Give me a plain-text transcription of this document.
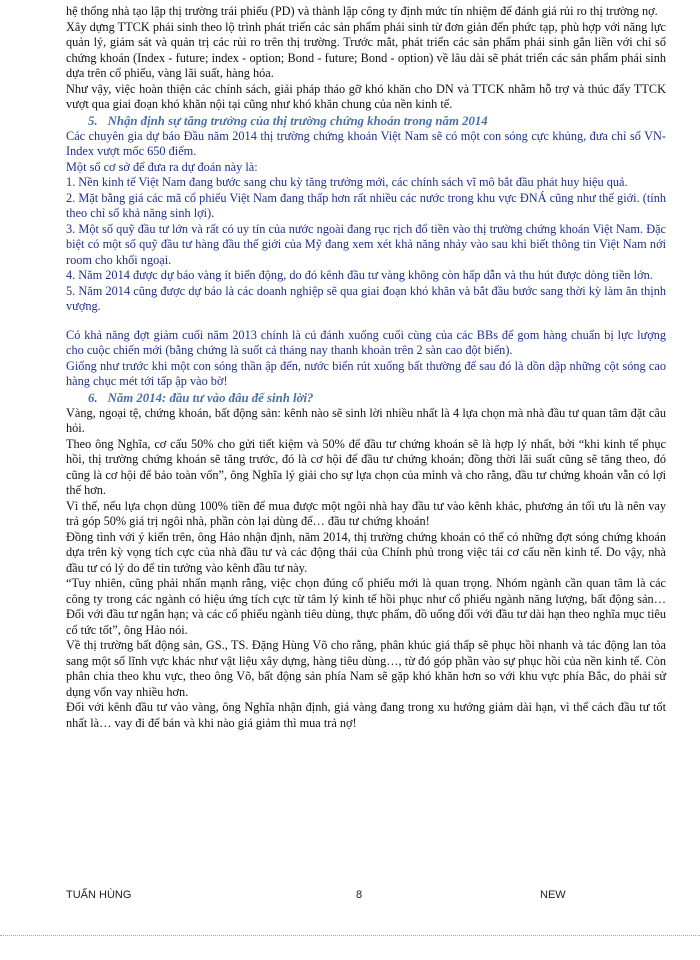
hệ thống nhà tạo lập thị trường trái phiếu (PD) và thành lập công ty định mức tín nhiệm để đánh giá rủi ro thị trường nợ.

Xây dựng TTCK phái sinh theo lộ trình phát triển các sản phẩm phái sinh từ đơn giản đến phức tạp, phù hợp với năng lực quản lý, giám sát và quản trị các rủi ro trên thị trường. Trước mắt, phát triển các sản phẩm phái sinh gắn liền với chỉ số chứng khoán (Index - future; index - option; Bond - future; Bond - option) về lâu dài sẽ phát triển các sản phẩm phái sinh dựa trên cổ phiếu, vàng lãi suất, hàng hóa.

Như vậy, việc hoàn thiện các chính sách, giải pháp tháo gỡ khó khăn cho DN và TTCK nhằm hỗ trợ và thúc đẩy TTCK vượt qua giai đoạn khó khăn nội tại cũng như khó khăn chung của nền kinh tế.

5. Nhận định sự tăng trưởng của thị trường chứng khoán trong năm 2014

Các chuyên gia dự báo Đầu năm 2014 thị trường chứng khoán Việt Nam sẽ có một con sóng cực khủng, đưa chỉ số VN-Index vượt mốc 650 điểm.

Một số cơ sở để đưa ra dự đoán này là:

1. Nền kinh tế Việt Nam đang bước sang chu kỳ tăng trưởng mới, các chính sách vĩ mô bắt đầu phát huy hiệu quả.

2. Mặt bằng giá các mã cổ phiếu Việt Nam đang thấp hơn rất nhiều các nước trong khu vực ĐNÁ cũng như thế giới. (tính theo chỉ số khả năng sinh lợi).

3. Một số quỹ đầu tư lớn và rất có uy tín của nước ngoài đang rục rịch đổ tiền vào thị trường chứng khoán Việt Nam. Đặc biệt có một số quỹ đầu tư hàng đầu thế giới của Mỹ đang xem xét khả năng nhảy vào sau khi biết thông tin Việt Nam nới room cho khối ngoại.

4. Năm 2014 được dự báo vàng ít biến động, do đó kênh đầu tư vàng không còn hấp dẫn và thu hút được dòng tiền lớn.

5. Năm 2014 cũng được dự báo là các doanh nghiệp sẽ qua giai đoạn khó khăn và bắt đầu bước sang thời kỳ làm ăn thịnh vượng.

Có khả năng đợt giảm cuối năm 2013 chính là cú đánh xuống cuối cùng của các BBs để gom hàng chuẩn bị lực lượng cho cuộc chiến mới (bằng chứng là suốt cả tháng nay thanh khoản trên 2 sàn cao đột biến).

Giống như trước khi một con sóng thần ập đến, nước biển rút xuống bất thường để sau đó là dồn dập những cột sóng cao hàng chục mét tới tấp ập vào bờ!

6. Năm 2014: đầu tư vào đâu để sinh lời?

Vàng, ngoại tệ, chứng khoán, bất động sản: kênh nào sẽ sinh lời nhiều nhất là 4 lựa chọn mà nhà đầu tư quan tâm đặt câu hỏi.

Theo ông Nghĩa, cơ cấu 50% cho gửi tiết kiệm và 50% để đầu tư chứng khoán sẽ là hợp lý nhất, bởi “khi kinh tế phục hồi, thị trường chứng khoán sẽ tăng trước, đó là cơ hội để đầu tư chứng khoán; đồng thời lãi suất cũng sẽ tăng theo, đó cũng là cơ hội để bảo toàn vốn”, ông Nghĩa lý giải cho sự lựa chọn của mình và cho rằng, đầu tư chứng khoán vẫn có lợi thế hơn.

Vì thế, nếu lựa chọn dùng 100% tiền để mua được một ngôi nhà hay đầu tư vào kênh khác, phương án tối ưu là nên vay trả góp 50% giá trị ngôi nhà, phần còn lại dùng để… đầu tư chứng khoán!

Đồng tình với ý kiến trên, ông Hảo nhận định, năm 2014, thị trường chứng khoán có thể có những đợt sóng chứng khoán dựa trên kỳ vọng tích cực của nhà đầu tư và các động thái của Chính phủ trong việc tái cơ cấu nền kinh tế. Do vậy, nhà đầu tư có lý do để tin tưởng vào kênh đầu tư này.

“Tuy nhiên, cũng phải nhấn mạnh rằng, việc chọn đúng cổ phiếu mới là quan trọng. Nhóm ngành cần quan tâm là các công ty trong các ngành có hiệu ứng tích cực từ tâm lý kinh tế hồi phục như cổ phiếu ngành năng lượng, bất động sản… Đối với đầu tư ngắn hạn; và các cổ phiếu ngành tiêu dùng, thực phẩm, đồ uống đối với đầu tư dài hạn theo nghĩa mục tiêu cổ tức tốt”, ông Hảo nói.

Về thị trường bất động sản, GS., TS. Đặng Hùng Võ cho rằng, phân khúc giá thấp sẽ phục hồi nhanh và tác động lan tỏa sang một số lĩnh vực khác như vật liệu xây dựng, hàng tiêu dùng…, từ đó góp phần vào sự phục hồi của nền kinh tế. Còn phân chia theo khu vực, theo ông Võ, bất động sản phía Nam sẽ gặp khó khăn hơn so với khu vực phía Bắc, do phải sử dụng vốn vay nhiều hơn.

Đối với kênh đầu tư vào vàng, ông Nghĩa nhận định, giá vàng đang trong xu hướng giảm dài hạn, vì thế cách đầu tư tốt nhất là… vay đi để bán và khi nào giá giảm thì mua trả nợ!

TUẤN HÙNG	8	NEW
